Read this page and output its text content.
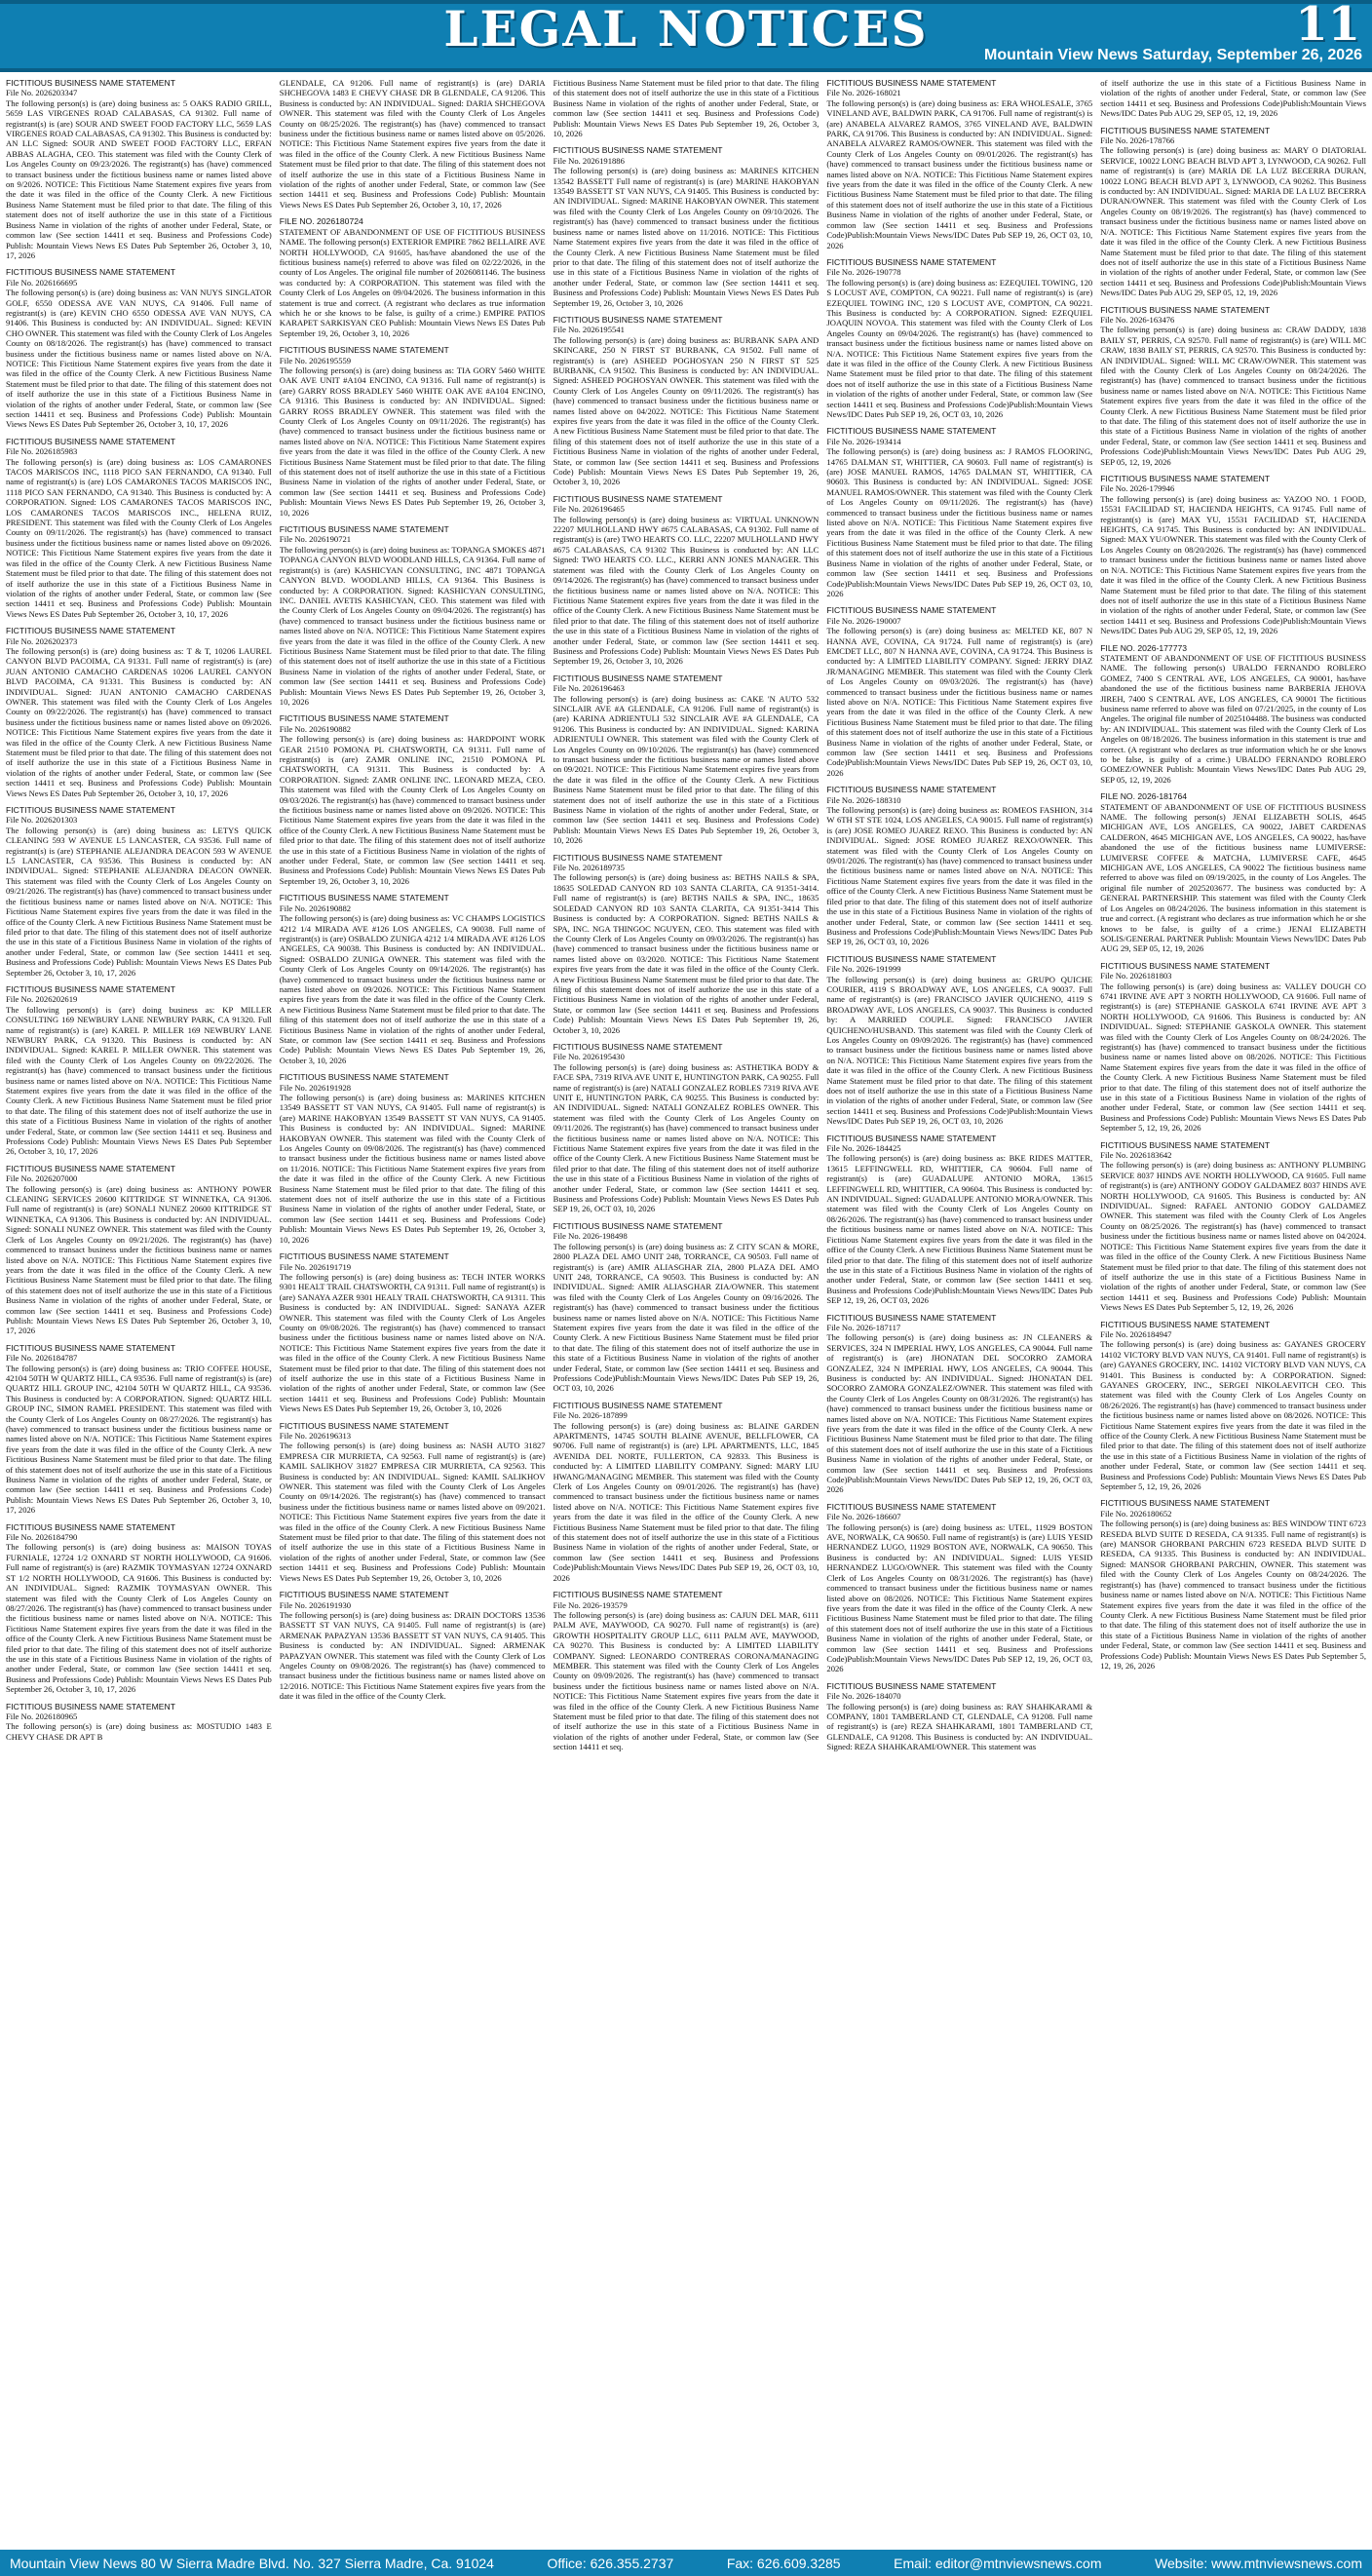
LEGAL NOTICES	11
Mountain View News Saturday, September 26, 2026

FICTITIOUS BUSINESS NAME STATEMENT

File No. 2026203347

The following person(s) is (are) doing business as: 5 OAKS RADIO GRILL, 5659 LAS VIRGENES ROAD CALABASAS, CA 91302. Full name of registrant(s) is (are) SOUR AND SWEET FOOD FACTORY LLC, 5659 LAS VIRGENES ROAD CALABASAS, CA 91302. This Business is conducted by: AN LLC Signed: SOUR AND SWEET FOOD FACTORY LLC, ERFAN ABBAS ALAGHA, CEO. This statement was filed with the County Clerk of Los Angeles County on 09/23/2026. The registrant(s) has (have) commenced to transact business under the fictitious business name or names listed above on 9/2026. NOTICE: This Fictitious Name Statement expires five years from the date it was filed in the office of the County Clerk. A new Fictitious Business Name Statement must be filed prior to that date. The filing of this statement does not of itself authorize the use in this state of a Fictitious Business Name in violation of the rights of another under Federal, State, or common law (See section 14411 et seq. Business and Professions Code) Publish: Mountain Views News ES Dates Pub September 26, October 3, 10, 17, 2026

FICTITIOUS BUSINESS NAME STATEMENT

File No. 2026166695

The following person(s) is (are) doing business as: VAN NUYS SINGLATOR GOLF, 6550 ODESSA AVE VAN NUYS, CA 91406. Full name of registrant(s) is (are) KEVIN CHO 6550 ODESSA AVE VAN NUYS, CA 91406. This Business is conducted by: AN INDIVIDUAL. Signed: KEVIN CHO OWNER. This statement was filed with the County Clerk of Los Angeles County on 08/18/2026. The registrant(s) has (have) commenced to transact business under the fictitious business name or names listed above on N/A. NOTICE: This Fictitious Name Statement expires five years from the date it was filed in the office of the County Clerk. A new Fictitious Business Name Statement must be filed prior to that date. The filing of this statement does not of itself authorize the use in this state of a Fictitious Business Name in violation of the rights of another under Federal, State, or common law (See section 14411 et seq. Business and Professions Code) Publish: Mountain Views News ES Dates Pub September 26, October 3, 10, 17, 2026

FICTITIOUS BUSINESS NAME STATEMENT

File No. 2026185983

The following person(s) is (are) doing business as: LOS CAMARONES TACOS MARISCOS INC, 1118 PICO SAN FERNANDO, CA 91340. Full name of registrant(s) is (are) LOS CAMARONES TACOS MARISCOS INC, 1118 PICO SAN FERNANDO, CA 91340. This Business is conducted by: A CORPORATION. Signed: LOS CAMARONES TACOS MARISCOS INC, LOS CAMARONES TACOS MARISCOS INC., HELENA RUIZ, PRESIDENT. This statement was filed with the County Clerk of Los Angeles County on 09/11/2026. The registrant(s) has (have) commenced to transact business under the fictitious business name or names listed above on 09/2026. NOTICE: This Fictitious Name Statement expires five years from the date it was filed in the office of the County Clerk. A new Fictitious Business Name Statement must be filed prior to that date. The filing of this statement does not of itself authorize the use in this state of a Fictitious Business Name in violation of the rights of another under Federal, State, or common law (See section 14411 et seq. Business and Professions Code) Publish: Mountain Views News ES Dates Pub September 26, October 3, 10, 17, 2026

FICTITIOUS BUSINESS NAME STATEMENT

File No. 2026202373

The following person(s) is (are) doing business as: T & T, 10206 LAUREL CANYON BLVD PACOIMA, CA 91331. Full name of registrant(s) is (are) JUAN ANTONIO CAMACHO CARDENAS 10206 LAUREL CANYON BLVD PACOIMA, CA 91331. This Business is conducted by: AN INDIVIDUAL. Signed: JUAN ANTONIO CAMACHO CARDENAS OWNER. This statement was filed with the County Clerk of Los Angeles County on 09/22/2026. The registrant(s) has (have) commenced to transact business under the fictitious business name or names listed above on 09/2026. NOTICE: This Fictitious Name Statement expires five years from the date it was filed in the office of the County Clerk. A new Fictitious Business Name Statement must be filed prior to that date. The filing of this statement does not of itself authorize the use in this state of a Fictitious Business Name in violation of the rights of another under Federal, State, or common law (See section 14411 et seq. Business and Professions Code) Publish: Mountain Views News ES Dates Pub September 26, October 3, 10, 17, 2026

FICTITIOUS BUSINESS NAME STATEMENT

File No. 2026201303

The following person(s) is (are) doing business as: LETYS QUICK CLEANING 593 W AVENUE L5 LANCASTER, CA 93536. Full name of registrant(s) is (are) STEPHANIE ALEJANDRA DEACON 593 W AVENUE L5 LANCASTER, CA 93536. This Business is conducted by: AN INDIVIDUAL. Signed: STEPHANIE ALEJANDRA DEACON OWNER. This statement was filed with the County Clerk of Los Angeles County on 09/21/2026. The registrant(s) has (have) commenced to transact business under the fictitious business name or names listed above on N/A. NOTICE: This Fictitious Name Statement expires five years from the date it was filed in the office of the County Clerk. A new Fictitious Business Name Statement must be filed prior to that date. The filing of this statement does not of itself authorize the use in this state of a Fictitious Business Name in violation of the rights of another under Federal, State, or common law (See section 14411 et seq. Business and Professions Code) Publish: Mountain Views News ES Dates Pub September 26, October 3, 10, 17, 2026

FICTITIOUS BUSINESS NAME STATEMENT

File No. 2026202619

The following person(s) is (are) doing business as: KP MILLER CONSULTING 169 NEWBURY LANE NEWBURY PARK, CA 91320. Full name of registrant(s) is (are) KAREL P. MILLER 169 NEWBURY LANE NEWBURY PARK, CA 91320. This Business is conducted by: AN INDIVIDUAL. Signed: KAREL P. MILLER OWNER. This statement was filed with the County Clerk of Los Angeles County on 09/22/2026. The registrant(s) has (have) commenced to transact business under the fictitious business name or names listed above on N/A. NOTICE: This Fictitious Name Statement expires five years from the date it was filed in the office of the County Clerk. A new Fictitious Business Name Statement must be filed prior to that date. The filing of this statement does not of itself authorize the use in this state of a Fictitious Business Name in violation of the rights of another under Federal, State, or common law (See section 14411 et seq. Business and Professions Code) Publish: Mountain Views News ES Dates Pub September 26, October 3, 10, 17, 2026

FICTITIOUS BUSINESS NAME STATEMENT

File No. 2026207000

The following person(s) is (are) doing business as: ANTHONY POWER CLEANING SERVICES 20600 KITTRIDGE ST WINNETKA, CA 91306. Full name of registrant(s) is (are) SONALI NUNEZ 20600 KITTRIDGE ST WINNETKA, CA 91306. This Business is conducted by: AN INDIVIDUAL. Signed: SONALI NUNEZ OWNER. This statement was filed with the County Clerk of Los Angeles County on 09/21/2026. The registrant(s) has (have) commenced to transact business under the fictitious business name or names listed above on N/A. NOTICE: This Fictitious Name Statement expires five years from the date it was filed in the office of the County Clerk. A new Fictitious Business Name Statement must be filed prior to that date. The filing of this statement does not of itself authorize the use in this state of a Fictitious Business Name in violation of the rights of another under Federal, State, or common law (See section 14411 et seq. Business and Professions Code) Publish: Mountain Views News ES Dates Pub September 26, October 3, 10, 17, 2026

FICTITIOUS BUSINESS NAME STATEMENT

File No. 2026184787

The following person(s) is (are) doing business as: TRIO COFFEE HOUSE, 42104 50TH W QUARTZ HILL, CA 93536. Full name of registrant(s) is (are) QUARTZ HILL GROUP INC, 42104 50TH W QUARTZ HILL, CA 93536. This Business is conducted by: A CORPORATION. Signed: QUARTZ HILL GROUP INC, SIMON RAMEL PRESIDENT. This statement was filed with the County Clerk of Los Angeles County on 08/27/2026. The registrant(s) has (have) commenced to transact business under the fictitious business name or names listed above on N/A. NOTICE: This Fictitious Name Statement expires five years from the date it was filed in the office of the County Clerk. A new Fictitious Business Name Statement must be filed prior to that date. The filing of this statement does not of itself authorize the use in this state of a Fictitious Business Name in violation of the rights of another under Federal, State, or common law (See section 14411 et seq. Business and Professions Code) Publish: Mountain Views News ES Dates Pub September 26, October 3, 10, 17, 2026

FICTITIOUS BUSINESS NAME STATEMENT

File No. 2026184790

The following person(s) is (are) doing business as: MAISON TOYAS FURNIALE, 12724 1/2 OXNARD ST NORTH HOLLYWOOD, CA 91606. Full name of registrant(s) is (are) RAZMIK TOYMASYAN 12724 OXNARD ST 1/2 NORTH HOLLYWOOD, CA 91606. This Business is conducted by: AN INDIVIDUAL. Signed: RAZMIK TOYMASYAN OWNER. This statement was filed with the County Clerk of Los Angeles County on 08/27/2026. The registrant(s) has (have) commenced to transact business under the fictitious business name or names listed above on N/A. NOTICE: This Fictitious Name Statement expires five years from the date it was filed in the office of the County Clerk. A new Fictitious Business Name Statement must be filed prior to that date. The filing of this statement does not of itself authorize the use in this state of a Fictitious Business Name in violation of the rights of another under Federal, State, or common law (See section 14411 et seq. Business and Professions Code) Publish: Mountain Views News ES Dates Pub September 26, October 3, 10, 17, 2026

FICTITIOUS BUSINESS NAME STATEMENT

File No. 2026180965

The following person(s) is (are) doing business as: MOSTUDIO 1483 E CHEVY CHASE DR APT B

GLENDALE, CA 91206. Full name of registrant(s) is (are) DARIA SHCHEGOVA 1483 E CHEVY CHASE DR B GLENDALE, CA 91206. This Business is conducted by: AN INDIVIDUAL. Signed: DARIA SHCHEGOVA OWNER. This statement was filed with the County Clerk of Los Angeles County on 08/25/2026. The registrant(s) has (have) commenced to transact business under the fictitious business name or names listed above on 05/2026. NOTICE: This Fictitious Name Statement expires five years from the date it was filed in the office of the County Clerk. A new Fictitious Business Name Statement must be filed prior to that date. The filing of this statement does not of itself authorize the use in this state of a Fictitious Business Name in violation of the rights of another under Federal, State, or common law (See section 14411 et seq. Business and Professions Code) Publish: Mountain Views News ES Dates Pub September 26, October 3, 10, 17, 2026

FILE NO. 2026180724

STATEMENT OF ABANDONMENT OF USE OF FICTITIOUS BUSINESS NAME. The following person(s) EXTERIOR EMPIRE 7862 BELLAIRE AVE NORTH HOLLYWOOD, CA 91605, has/have abandoned the use of the fictitious business name(s) referred to above was filed on 02/22/2026, in the county of Los Angeles. The original file number of 2026081146. The business was conducted by: A CORPORATION. This statement was filed with the County Clerk of Los Angeles on 09/04/2026. The business information in this statement is true and correct. (A registrant who declares as true information which he or she knows to be false, is guilty of a crime.) EMPIRE PATIOS KARAPET SARKISYAN CEO Publish: Mountain Views News ES Dates Pub September 19, 26, October 3, 10, 2026

FICTITIOUS BUSINESS NAME STATEMENT

File No. 2026195559

The following person(s) is (are) doing business as: TIA GORY 5460 WHITE OAK AVE UNIT #A104 ENCINO, CA 91316. Full name of registrant(s) is (are) GARRY ROSS BRADLEY 5460 WHITE OAK AVE #A104 ENCINO, CA 91316. This Business is conducted by: AN INDIVIDUAL. Signed: GARRY ROSS BRADLEY OWNER. This statement was filed with the County Clerk of Los Angeles County on 09/11/2026. The registrant(s) has (have) commenced to transact business under the fictitious business name or names listed above on N/A. NOTICE: This Fictitious Name Statement expires five years from the date it was filed in the office of the County Clerk. A new Fictitious Business Name Statement must be filed prior to that date. The filing of this statement does not of itself authorize the use in this state of a Fictitious Business Name in violation of the rights of another under Federal, State, or common law (See section 14411 et seq. Business and Professions Code) Publish: Mountain Views News ES Dates Pub September 19, 26, October 3, 10, 2026

FICTITIOUS BUSINESS NAME STATEMENT

File No. 2026190721

The following person(s) is (are) doing business as: TOPANGA SMOKES 4871 TOPANGA CANYON BLVD WOODLAND HILLS, CA 91364. Full name of registrant(s) is (are) KASHICYAN CONSULTING, INC 4871 TOPANGA CANYON BLVD. WOODLAND HILLS, CA 91364. This Business is conducted by: A CORPORATION. Signed: KASHICYAN CONSULTING, INC. DANIEL AVETIS KASHICYAN, CEO. This statement was filed with the County Clerk of Los Angeles County on 09/04/2026. The registrant(s) has (have) commenced to transact business under the fictitious business name or names listed above on N/A. NOTICE: This Fictitious Name Statement expires five years from the date it was filed in the office of the County Clerk. A new Fictitious Business Name Statement must be filed prior to that date. The filing of this statement does not of itself authorize the use in this state of a Fictitious Business Name in violation of the rights of another under Federal, State, or common law (See section 14411 et seq. Business and Professions Code) Publish: Mountain Views News ES Dates Pub September 19, 26, October 3, 10, 2026

FICTITIOUS BUSINESS NAME STATEMENT

File No. 2026190882

The following person(s) is (are) doing business as: HARDPOINT WORK GEAR 21510 POMONA PL CHATSWORTH, CA 91311. Full name of registrant(s) is (are) ZAMR ONLINE INC, 21510 POMONA PL CHATSWORTH, CA 91311. This Business is conducted by: A CORPORATION. Signed: ZAMR ONLINE INC. LEONARD MEZA, CEO. This statement was filed with the County Clerk of Los Angeles County on 09/03/2026. The registrant(s) has (have) commenced to transact business under the fictitious business name or names listed above on 09/2026. NOTICE: This Fictitious Name Statement expires five years from the date it was filed in the office of the County Clerk. A new Fictitious Business Name Statement must be filed prior to that date. The filing of this statement does not of itself authorize the use in this state of a Fictitious Business Name in violation of the rights of another under Federal, State, or common law (See section 14411 et seq. Business and Professions Code) Publish: Mountain Views News ES Dates Pub September 19, 26, October 3, 10, 2026

FICTITIOUS BUSINESS NAME STATEMENT

File No. 2026190882

The following person(s) is (are) doing business as: VC CHAMPS LOGISTICS 4212 1/4 MIRADA AVE #126 LOS ANGELES, CA 90038. Full name of registrant(s) is (are) OSBALDO ZUNIGA 4212 1/4 MIRADA AVE #126 LOS ANGELES, CA 90038. This Business is conducted by: AN INDIVIDUAL. Signed: OSBALDO ZUNIGA OWNER. This statement was filed with the County Clerk of Los Angeles County on 09/14/2026. The registrant(s) has (have) commenced to transact business under the fictitious business name or names listed above on 09/2026. NOTICE: This Fictitious Name Statement expires five years from the date it was filed in the office of the County Clerk. A new Fictitious Business Name Statement must be filed prior to that date. The filing of this statement does not of itself authorize the use in this state of a Fictitious Business Name in violation of the rights of another under Federal, State, or common law (See section 14411 et seq. Business and Professions Code) Publish: Mountain Views News ES Dates Pub September 19, 26, October 3, 10, 2026

FICTITIOUS BUSINESS NAME STATEMENT

File No. 2026191928

The following person(s) is (are) doing business as: MARINES KITCHEN 13549 BASSETT ST VAN NUYS, CA 91405. Full name of registrant(s) is (are) MARINE HAKOBYAN 13549 BASSETT ST VAN NUYS, CA 91405. This Business is conducted by: AN INDIVIDUAL. Signed: MARINE HAKOBYAN OWNER. This statement was filed with the County Clerk of Los Angeles County on 09/08/2026. The registrant(s) has (have) commenced to transact business under the fictitious business name or names listed above on 11/2016. NOTICE: This Fictitious Name Statement expires five years from the date it was filed in the office of the County Clerk. A new Fictitious Business Name Statement must be filed prior to that date. The filing of this statement does not of itself authorize the use in this state of a Fictitious Business Name in violation of the rights of another under Federal, State, or common law (See section 14411 et seq. Business and Professions Code) Publish: Mountain Views News ES Dates Pub September 19, 26, October 3, 10, 2026

FICTITIOUS BUSINESS NAME STATEMENT

File No. 2026191719

The following person(s) is (are) doing business as: TECH INTER WORKS 9301 HEALT TRAIL CHATSWORTH, CA 91311. Full name of registrant(s) is (are) SANAYA AZER 9301 HEALY TRAIL CHATSWORTH, CA 91311. This Business is conducted by: AN INDIVIDUAL. Signed: SANAYA AZER OWNER. This statement was filed with the County Clerk of Los Angeles County on 09/08/2026. The registrant(s) has (have) commenced to transact business under the fictitious business name or names listed above on N/A. NOTICE: This Fictitious Name Statement expires five years from the date it was filed in the office of the County Clerk. A new Fictitious Business Name Statement must be filed prior to that date. The filing of this statement does not of itself authorize the use in this state of a Fictitious Business Name in violation of the rights of another under Federal, State, or common law (See section 14411 et seq. Business and Professions Code) Publish: Mountain Views News ES Dates Pub September 19, 26, October 3, 10, 2026

FICTITIOUS BUSINESS NAME STATEMENT

File No. 2026196313

The following person(s) is (are) doing business as: NASH AUTO 31827 EMPRESA CIR MURRIETA, CA 92563. Full name of registrant(s) is (are) KAMIL SALIKHOV 31827 EMPRESA CIR MURRIETA, CA 92563. This Business is conducted by: AN INDIVIDUAL. Signed: KAMIL SALIKHOV OWNER. This statement was filed with the County Clerk of Los Angeles County on 09/14/2026. The registrant(s) has (have) commenced to transact business under the fictitious business name or names listed above on 09/2021. NOTICE: This Fictitious Name Statement expires five years from the date it was filed in the office of the County Clerk. A new Fictitious Business Name Statement must be filed prior to that date. The filing of this statement does not of itself authorize the use in this state of a Fictitious Business Name in violation of the rights of another under Federal, State, or common law (See section 14411 et seq. Business and Professions Code) Publish: Mountain Views News ES Dates Pub September 19, 26, October 3, 10, 2026

FICTITIOUS BUSINESS NAME STATEMENT

File No. 2026191930

The following person(s) is (are) doing business as: DRAIN DOCTORS 13536 BASSETT ST VAN NUYS, CA 91405. Full name of registrant(s) is (are) ARMENAK PAPAZYAN 13536 BASSETT ST VAN NUYS, CA 91405. This Business is conducted by: AN INDIVIDUAL. Signed: ARMENAK PAPAZYAN OWNER. This statement was filed with the County Clerk of Los Angeles County on 09/08/2026. The registrant(s) has (have) commenced to transact business under the fictitious business name or names listed above on 12/2016. NOTICE: This Fictitious Name Statement expires five years from the date it was filed in the office of the County Clerk.

Fictitious Business Name Statement must be filed prior to that date. The filing of this statement does not of itself authorize the use in this state of a Fictitious Business Name in violation of the rights of another under Federal, State, or common law (See section 14411 et seq. Business and Professions Code) Publish: Mountain Views News ES Dates Pub September 19, 26, October 3, 10, 2026

FICTITIOUS BUSINESS NAME STATEMENT

File No. 2026191886

The following person(s) is (are) doing business as: MARINES KITCHEN 13542 BASSETT Full name of registrant(s) is (are) MARINE HAKOBYAN 13549 BASSETT ST VAN NUYS, CA 91405. This Business is conducted by: AN INDIVIDUAL. Signed: MARINE HAKOBYAN OWNER. This statement was filed with the County Clerk of Los Angeles County on 09/10/2026. The registrant(s) has (have) commenced to transact business under the fictitious business name or names listed above on 11/2016. NOTICE: This Fictitious Name Statement expires five years from the date it was filed in the office of the County Clerk. A new Fictitious Business Name Statement must be filed prior to that date. The filing of this statement does not of itself authorize the use in this state of a Fictitious Business Name in violation of the rights of another under Federal, State, or common law (See section 14411 et seq. Business and Professions Code) Publish: Mountain Views News ES Dates Pub September 19, 26, October 3, 10, 2026

FICTITIOUS BUSINESS NAME STATEMENT

File No. 2026195541

The following person(s) is (are) doing business as: BURBANK SAPA AND SKINCARE, 250 N FIRST ST BURBANK, CA 91502. Full name of registrant(s) is (are) ASHEED POGHOSYAN 250 N FIRST ST 525 BURBANK, CA 91502. This Business is conducted by: AN INDIVIDUAL. Signed: ASHEED POGHOSYAN OWNER. This statement was filed with the County Clerk of Los Angeles County on 09/11/2026. The registrant(s) has (have) commenced to transact business under the fictitious business name or names listed above on 04/2022. NOTICE: This Fictitious Name Statement expires five years from the date it was filed in the office of the County Clerk. A new Fictitious Business Name Statement must be filed prior to that date. The filing of this statement does not of itself authorize the use in this state of a Fictitious Business Name in violation of the rights of another under Federal, State, or common law (See section 14411 et seq. Business and Professions Code) Publish: Mountain Views News ES Dates Pub September 19, 26, October 3, 10, 2026

FICTITIOUS BUSINESS NAME STATEMENT

File No. 2026196465

The following person(s) is (are) doing business as: VIRTUAL UNKNOWN 22207 MULHOLLAND HWY #675 CALABASAS, CA 91302. Full name of registrant(s) is (are) TWO HEARTS CO. LLC, 22207 MULHOLLAND HWY #675 CALABASAS, CA 91302 This Business is conducted by: AN LLC Signed: TWO HEARTS CO. LLC., KERRI ANN JONES MANAGER. This statement was filed with the County Clerk of Los Angeles County on 09/14/2026. The registrant(s) has (have) commenced to transact business under the fictitious business name or names listed above on N/A. NOTICE: This Fictitious Name Statement expires five years from the date it was filed in the office of the County Clerk. A new Fictitious Business Name Statement must be filed prior to that date. The filing of this statement does not of itself authorize the use in this state of a Fictitious Business Name in violation of the rights of another under Federal, State, or common law (See section 14411 et seq. Business and Professions Code) Publish: Mountain Views News ES Dates Pub September 19, 26, October 3, 10, 2026

FICTITIOUS BUSINESS NAME STATEMENT

File No. 2026196463

The following person(s) is (are) doing business as: CAKE 'N AUTO 532 SINCLAIR AVE #A GLENDALE, CA 91206. Full name of registrant(s) is (are) KARINA ADRIENTULI 532 SINCLAIR AVE #A GLENDALE, CA 91206. This Business is conducted by: AN INDIVIDUAL. Signed: KARINA ADRIENTULI OWNER. This statement was filed with the County Clerk of Los Angeles County on 09/10/2026. The registrant(s) has (have) commenced to transact business under the fictitious business name or names listed above on 09/2021. NOTICE: This Fictitious Name Statement expires five years from the date it was filed in the office of the County Clerk. A new Fictitious Business Name Statement must be filed prior to that date. The filing of this statement does not of itself authorize the use in this state of a Fictitious Business Name in violation of the rights of another under Federal, State, or common law (See section 14411 et seq. Business and Professions Code) Publish: Mountain Views News ES Dates Pub September 19, 26, October 3, 10, 2026

FICTITIOUS BUSINESS NAME STATEMENT

File No. 2026189735

The following person(s) is (are) doing business as: BETHS NAILS & SPA, 18635 SOLEDAD CANYON RD 103 SANTA CLARITA, CA 91351-3414. Full name of registrant(s) is (are) BETHS NAILS & SPA, INC., 18635 SOLEDAD CANYON RD 103 SANTA CLARITA, CA 91351-3414 This Business is conducted by: A CORPORATION. Signed: BETHS NAILS & SPA, INC. NGA THINGOC NGUYEN, CEO. This statement was filed with the County Clerk of Los Angeles County on 09/03/2026. The registrant(s) has (have) commenced to transact business under the fictitious business name or names listed above on 03/2020. NOTICE: This Fictitious Name Statement expires five years from the date it was filed in the office of the County Clerk. A new Fictitious Business Name Statement must be filed prior to that date. The filing of this statement does not of itself authorize the use in this state of a Fictitious Business Name in violation of the rights of another under Federal, State, or common law (See section 14411 et seq. Business and Professions Code) Publish: Mountain Views News ES Dates Pub September 19, 26, October 3, 10, 2026

FICTITIOUS BUSINESS NAME STATEMENT

File No. 2026195430

The following person(s) is (are) doing business as: ASTHETIKA BODY & FACE SPA, 7319 RIVA AVE UNIT E, HUNTINGTON PARK, CA 90255. Full name of registrant(s) is (are) NATALI GONZALEZ ROBLES 7319 RIVA AVE UNIT E, HUNTINGTON PARK, CA 90255. This Business is conducted by: AN INDIVIDUAL. Signed: NATALI GONZALEZ ROBLES OWNER. This statement was filed with the County Clerk of Los Angeles County on 09/11/2026. The registrant(s) has (have) commenced to transact business under the fictitious business name or names listed above on N/A. NOTICE: This Fictitious Name Statement expires five years from the date it was filed in the office of the County Clerk. A new Fictitious Business Name Statement must be filed prior to that date. The filing of this statement does not of itself authorize the use in this state of a Fictitious Business Name in violation of the rights of another under Federal, State, or common law (See section 14411 et seq. Business and Professions Code) Publish: Mountain Views News ES Dates Pub SEP 19, 26, OCT 03, 10, 2026

FICTITIOUS BUSINESS NAME STATEMENT

File No. 2026-198498

The following person(s) is (are) doing business as: Z CITY SCAN & MORE, 2800 PLAZA DEL AMO UNIT 248, TORRANCE, CA 90503. Full name of registrant(s) is (are) AMIR ALIASGHAR ZIA, 2800 PLAZA DEL AMO UNIT 248, TORRANCE, CA 90503. This Business is conducted by: AN INDIVIDUAL. Signed: AMIR ALIASGHAR ZIA/OWNER. This statement was filed with the County Clerk of Los Angeles County on 09/16/2026. The registrant(s) has (have) commenced to transact business under the fictitious business name or names listed above on N/A. NOTICE: This Fictitious Name Statement expires five years from the date it was filed in the office of the County Clerk. A new Fictitious Business Name Statement must be filed prior to that date. The filing of this statement does not of itself authorize the use in this state of a Fictitious Business Name in violation of the rights of another under Federal, State, or common law (See section 14411 et seq. Business and Professions Code)Publish:Mountain Views News/IDC Dates Pub SEP 19, 26, OCT 03, 10, 2026

FICTITIOUS BUSINESS NAME STATEMENT

File No. 2026-187899

The following person(s) is (are) doing business as: BLAINE GARDEN APARTMENTS, 14745 SOUTH BLAINE AVENUE, BELLFLOWER, CA 90706. Full name of registrant(s) is (are) LPL APARTMENTS, LLC, 1845 AVENIDA DEL NORTE, FULLERTON, CA 92833. This Business is conducted by: A LIMITED LIABILITY COMPANY. Signed: MARY LIU HWANG/MANAGING MEMBER. This statement was filed with the County Clerk of Los Angeles County on 09/01/2026. The registrant(s) has (have) commenced to transact business under the fictitious business name or names listed above on N/A. NOTICE: This Fictitious Name Statement expires five years from the date it was filed in the office of the County Clerk. A new Fictitious Business Name Statement must be filed prior to that date. The filing of this statement does not of itself authorize the use in this state of a Fictitious Business Name in violation of the rights of another under Federal, State, or common law (See section 14411 et seq. Business and Professions Code)Publish:Mountain Views News/IDC Dates Pub SEP 19, 26, OCT 03, 10, 2026

FICTITIOUS BUSINESS NAME STATEMENT

File No. 2026-193579

The following person(s) is (are) doing business as: CAJUN DEL MAR, 6111 PALM AVE, MAYWOOD, CA 90270. Full name of registrant(s) is (are) GROWTH HOSPITALITY GROUP LLC, 6111 PALM AVE, MAYWOOD, CA 90270. This Business is conducted by: A LIMITED LIABILITY COMPANY. Signed: LEONARDO CONTRERAS CORONA/MANAGING MEMBER. This statement was filed with the County Clerk of Los Angeles County on 09/09/2026. The registrant(s) has (have) commenced to transact business under the fictitious business name or names listed above on N/A. NOTICE: This Fictitious Name Statement expires five years from the date it was filed in the office of the County Clerk. A new Fictitious Business Name Statement must be filed prior to that date. The filing of this statement does not of itself authorize the use in this state of a Fictitious Business Name in violation of the rights of another under Federal, State, or common law (See section 14411 et seq.

FICTITIOUS BUSINESS NAME STATEMENT

File No. 2026-168021

The following person(s) is (are) doing business as: ERA WHOLESALE, 3765 VINELAND AVE, BALDWIN PARK, CA 91706. Full name of registrant(s) is (are) ANABELA ALVAREZ RAMOS, 3765 VINELAND AVE, BALDWIN PARK, CA 91706. This Business is conducted by: AN INDIVIDUAL. Signed: ANABELA ALVAREZ RAMOS/OWNER. This statement was filed with the County Clerk of Los Angeles County on 09/01/2026. The registrant(s) has (have) commenced to transact business under the fictitious business name or names listed above on N/A. NOTICE: This Fictitious Name Statement expires five years from the date it was filed in the office of the County Clerk. A new Fictitious Business Name Statement must be filed prior to that date. The filing of this statement does not of itself authorize the use in this state of a Fictitious Business Name in violation of the rights of another under Federal, State, or common law (See section 14411 et seq. Business and Professions Code)Publish:Mountain Views News/IDC Dates Pub SEP 19, 26, OCT 03, 10, 2026

FICTITIOUS BUSINESS NAME STATEMENT

File No. 2026-190778

The following person(s) is (are) doing business as: EZEQUIEL TOWING, 120 S LOCUST AVE, COMPTON, CA 90221. Full name of registrant(s) is (are) EZEQUIEL TOWING INC, 120 S LOCUST AVE, COMPTON, CA 90221. This Business is conducted by: A CORPORATION. Signed: EZEQUIEL JOAQUIN NOVOA. This statement was filed with the County Clerk of Los Angeles County on 09/04/2026. The registrant(s) has (have) commenced to transact business under the fictitious business name or names listed above on N/A. NOTICE: This Fictitious Name Statement expires five years from the date it was filed in the office of the County Clerk. A new Fictitious Business Name Statement must be filed prior to that date. The filing of this statement does not of itself authorize the use in this state of a Fictitious Business Name in violation of the rights of another under Federal, State, or common law (See section 14411 et seq. Business and Professions Code)Publish:Mountain Views News/IDC Dates Pub SEP 19, 26, OCT 03, 10, 2026

FICTITIOUS BUSINESS NAME STATEMENT

File No. 2026-193414

The following person(s) is (are) doing business as: J RAMOS FLOORING, 14765 DALMAN ST, WHITTIER, CA 90603. Full name of registrant(s) is (are) JOSE MANUEL RAMOS, 14765 DALMAN ST, WHITTIER, CA 90603. This Business is conducted by: AN INDIVIDUAL. Signed: JOSE MANUEL RAMOS/OWNER. This statement was filed with the County Clerk of Los Angeles County on 09/11/2026. The registrant(s) has (have) commenced to transact business under the fictitious business name or names listed above on N/A. NOTICE: This Fictitious Name Statement expires five years from the date it was filed in the office of the County Clerk. A new Fictitious Business Name Statement must be filed prior to that date. The filing of this statement does not of itself authorize the use in this state of a Fictitious Business Name in violation of the rights of another under Federal, State, or common law (See section 14411 et seq. Business and Professions Code)Publish:Mountain Views News/IDC Dates Pub SEP 19, 26, OCT 03, 10, 2026

FICTITIOUS BUSINESS NAME STATEMENT

File No. 2026-190007

The following person(s) is (are) doing business as: MELTED KE, 807 N HANNA AVE, COVINA, CA 91724. Full name of registrant(s) is (are) EMCDET LLC, 807 N HANNA AVE, COVINA, CA 91724. This Business is conducted by: A LIMITED LIABILITY COMPANY. Signed: JERRY DIAZ JR/MANAGING MEMBER. This statement was filed with the County Clerk of Los Angeles County on 09/03/2026. The registrant(s) has (have) commenced to transact business under the fictitious business name or names listed above on N/A. NOTICE: This Fictitious Name Statement expires five years from the date it was filed in the office of the County Clerk. A new Fictitious Business Name Statement must be filed prior to that date. The filing of this statement does not of itself authorize the use in this state of a Fictitious Business Name in violation of the rights of another under Federal, State, or common law (See section 14411 et seq. Business and Professions Code)Publish:Mountain Views News/IDC Dates Pub SEP 19, 26, OCT 03, 10, 2026

FICTITIOUS BUSINESS NAME STATEMENT

File No. 2026-188310

The following person(s) is (are) doing business as: ROMEOS FASHION, 314 W 6TH ST STE 1024, LOS ANGELES, CA 90015. Full name of registrant(s) is (are) JOSE ROMEO JUAREZ REXO. This Business is conducted by: AN INDIVIDUAL. Signed: JOSE ROMEO JUAREZ REXO/OWNER. This statement was filed with the County Clerk of Los Angeles County on 09/01/2026. The registrant(s) has (have) commenced to transact business under the fictitious business name or names listed above on N/A. NOTICE: This Fictitious Name Statement expires five years from the date it was filed in the office of the County Clerk. A new Fictitious Business Name Statement must be filed prior to that date. The filing of this statement does not of itself authorize the use in this state of a Fictitious Business Name in violation of the rights of another under Federal, State, or common law (See section 14411 et seq. Business and Professions Code)Publish:Mountain Views News/IDC Dates Pub SEP 19, 26, OCT 03, 10, 2026

FICTITIOUS BUSINESS NAME STATEMENT

File No. 2026-191999

The following person(s) is (are) doing business as: GRUPO QUICHE COURIER, 4119 S BROADWAY AVE, LOS ANGELES, CA 90037. Full name of registrant(s) is (are) FRANCISCO JAVIER QUICHENO, 4119 S BROADWAY AVE, LOS ANGELES, CA 90037. This Business is conducted by: A MARRIED COUPLE. Signed: FRANCISCO JAVIER QUICHENO/HUSBAND. This statement was filed with the County Clerk of Los Angeles County on 09/09/2026. The registrant(s) has (have) commenced to transact business under the fictitious business name or names listed above on N/A. NOTICE: This Fictitious Name Statement expires five years from the date it was filed in the office of the County Clerk. A new Fictitious Business Name Statement must be filed prior to that date. The filing of this statement does not of itself authorize the use in this state of a Fictitious Business Name in violation of the rights of another under Federal, State, or common law (See section 14411 et seq. Business and Professions Code)Publish:Mountain Views News/IDC Dates Pub SEP 19, 26, OCT 03, 10, 2026

FICTITIOUS BUSINESS NAME STATEMENT

File No. 2026-184425

The following person(s) is (are) doing business as: BKE RIDES MATTER, 13615 LEFFINGWELL RD, WHITTIER, CA 90604. Full name of registrant(s) is (are) GUADALUPE ANTONIO MORA, 13615 LEFFINGWELL RD, WHITTIER, CA 90604. This Business is conducted by: AN INDIVIDUAL. Signed: GUADALUPE ANTONIO MORA/OWNER. This statement was filed with the County Clerk of Los Angeles County on 08/26/2026. The registrant(s) has (have) commenced to transact business under the fictitious business name or names listed above on N/A. NOTICE: This Fictitious Name Statement expires five years from the date it was filed in the office of the County Clerk. A new Fictitious Business Name Statement must be filed prior to that date. The filing of this statement does not of itself authorize the use in this state of a Fictitious Business Name in violation of the rights of another under Federal, State, or common law (See section 14411 et seq. Business and Professions Code)Publish:Mountain Views News/IDC Dates Pub SEP 12, 19, 26, OCT 03, 2026

FICTITIOUS BUSINESS NAME STATEMENT

File No. 2026-187117

The following person(s) is (are) doing business as: JN CLEANERS & SERVICES, 324 N IMPERIAL HWY, LOS ANGELES, CA 90044. Full name of registrant(s) is (are) JHONATAN DEL SOCORRO ZAMORA GONZALEZ, 324 N IMPERIAL HWY, LOS ANGELES, CA 90044. This Business is conducted by: AN INDIVIDUAL. Signed: JHONATAN DEL SOCORRO ZAMORA GONZALEZ/OWNER. This statement was filed with the County Clerk of Los Angeles County on 08/31/2026. The registrant(s) has (have) commenced to transact business under the fictitious business name or names listed above on N/A. NOTICE: This Fictitious Name Statement expires five years from the date it was filed in the office of the County Clerk. A new Fictitious Business Name Statement must be filed prior to that date. The filing of this statement does not of itself authorize the use in this state of a Fictitious Business Name in violation of the rights of another under Federal, State, or common law (See section 14411 et seq. Business and Professions Code)Publish:Mountain Views News/IDC Dates Pub SEP 12, 19, 26, OCT 03, 2026

FICTITIOUS BUSINESS NAME STATEMENT

File No. 2026-186607

The following person(s) is (are) doing business as: UTEL, 11929 BOSTON AVE, NORWALK, CA 90650. Full name of registrant(s) is (are) LUIS YESID HERNANDEZ LUGO, 11929 BOSTON AVE, NORWALK, CA 90650. This Business is conducted by: AN INDIVIDUAL. Signed: LUIS YESID HERNANDEZ LUGO/OWNER. This statement was filed with the County Clerk of Los Angeles County on 08/31/2026. The registrant(s) has (have) commenced to transact business under the fictitious business name or names listed above on 08/2026. NOTICE: This Fictitious Name Statement expires five years from the date it was filed in the office of the County Clerk. A new Fictitious Business Name Statement must be filed prior to that date. The filing of this statement does not of itself authorize the use in this state of a Fictitious Business Name in violation of the rights of another under Federal, State, or common law (See section 14411 et seq. Business and Professions Code)Publish:Mountain Views News/IDC Dates Pub SEP 12, 19, 26, OCT 03, 2026

FICTITIOUS BUSINESS NAME STATEMENT

File No. 2026-184070

The following person(s) is (are) doing business as: RAY SHAHKARAMI & COMPANY, 1801 TAMBERLAND CT, GLENDALE, CA 91208. Full name of registrant(s) is (are) REZA SHAHKARAMI, 1801 TAMBERLAND CT, GLENDALE, CA 91208. This Business is conducted by: AN INDIVIDUAL. Signed: REZA SHAHKARAMI/OWNER. This statement was

of itself authorize the use in this state of a Fictitious Business Name in violation of the rights of another under Federal, State, or common law (See section 14411 et seq. Business and Professions Code)Publish:Mountain Views News/IDC Dates Pub AUG 29, SEP 05, 12, 19, 2026

FICTITIOUS BUSINESS NAME STATEMENT

File No. 2026-178766

The following person(s) is (are) doing business as: MARY O DIATORIAL SERVICE, 10022 LONG BEACH BLVD APT 3, LYNWOOD, CA 90262. Full name of registrant(s) is (are) MARIA DE LA LUZ BECERRA DURAN, 10022 LONG BEACH BLVD APT 3, LYNWOOD, CA 90262. This Business is conducted by: AN INDIVIDUAL. Signed: MARIA DE LA LUZ BECERRA DURAN/OWNER. This statement was filed with the County Clerk of Los Angeles County on 08/19/2026. The registrant(s) has (have) commenced to transact business under the fictitious business name or names listed above on N/A. NOTICE: This Fictitious Name Statement expires five years from the date it was filed in the office of the County Clerk. A new Fictitious Business Name Statement must be filed prior to that date. The filing of this statement does not of itself authorize the use in this state of a Fictitious Business Name in violation of the rights of another under Federal, State, or common law (See section 14411 et seq. Business and Professions Code)Publish:Mountain Views News/IDC Dates Pub AUG 29, SEP 05, 12, 19, 2026

FICTITIOUS BUSINESS NAME STATEMENT

File No. 2026-163476

The following person(s) is (are) doing business as: CRAW DADDY, 1838 BAILY ST, PERRIS, CA 92570. Full name of registrant(s) is (are) WILL MC CRAW, 1838 BAILY ST, PERRIS, CA 92570. This Business is conducted by: AN INDIVIDUAL. Signed: WILL MC CRAW/OWNER. This statement was filed with the County Clerk of Los Angeles County on 08/24/2026. The registrant(s) has (have) commenced to transact business under the fictitious business name or names listed above on N/A. NOTICE: This Fictitious Name Statement expires five years from the date it was filed in the office of the County Clerk. A new Fictitious Business Name Statement must be filed prior to that date. The filing of this statement does not of itself authorize the use in this state of a Fictitious Business Name in violation of the rights of another under Federal, State, or common law (See section 14411 et seq. Business and Professions Code)Publish:Mountain Views News/IDC Dates Pub AUG 29, SEP 05, 12, 19, 2026

FICTITIOUS BUSINESS NAME STATEMENT

File No. 2026-179946

The following person(s) is (are) doing business as: YAZOO NO. 1 FOOD, 15531 FACILIDAD ST, HACIENDA HEIGHTS, CA 91745. Full name of registrant(s) is (are) MAX YU, 15531 FACILIDAD ST, HACIENDA HEIGHTS, CA 91745. This Business is conducted by: AN INDIVIDUAL. Signed: MAX YU/OWNER. This statement was filed with the County Clerk of Los Angeles County on 08/20/2026. The registrant(s) has (have) commenced to transact business under the fictitious business name or names listed above on N/A. NOTICE: This Fictitious Name Statement expires five years from the date it was filed in the office of the County Clerk. A new Fictitious Business Name Statement must be filed prior to that date. The filing of this statement does not of itself authorize the use in this state of a Fictitious Business Name in violation of the rights of another under Federal, State, or common law (See section 14411 et seq. Business and Professions Code)Publish:Mountain Views News/IDC Dates Pub AUG 29, SEP 05, 12, 19, 2026

FILE NO. 2026-177773

STATEMENT OF ABANDONMENT OF USE OF FICTITIOUS BUSINESS NAME. The following person(s) UBALDO FERNANDO ROBLERO GOMEZ, 7400 S CENTRAL AVE, LOS ANGELES, CA 90001, has/have abandoned the use of the fictitious business name BARBERIA JEHOVA JIREH, 7400 S CENTRAL AVE, LOS ANGELES, CA 90001 The fictitious business name referred to above was filed on 07/21/2025, in the county of Los Angeles. The original file number of 2025104488. The business was conducted by: AN INDIVIDUAL. This statement was filed with the County Clerk of Los Angeles on 08/18/2026. The business information in this statement is true and correct. (A registrant who declares as true information which he or she knows to be false, is guilty of a crime.) UBALDO FERNANDO ROBLERO GOMEZ/OWNER Publish: Mountain Views News/IDC Dates Pub AUG 29, SEP 05, 12, 19, 2026

FILE NO. 2026-181764

STATEMENT OF ABANDONMENT OF USE OF FICTITIOUS BUSINESS NAME. The following person(s) JENAI ELIZABETH SOLIS, 4645 MICHIGAN AVE, LOS ANGELES, CA 90022, JABET CARDENAS CALDERON, 4645 MICHIGAN AVE, LOS ANGELES, CA 90022, has/have abandoned the use of the fictitious business name LUMIVERSE: LUMIVERSE COFFEE & MATCHA, LUMIVERSE CAFE, 4645 MICHIGAN AVE, LOS ANGELES, CA 90022 The fictitious business name referred to above was filed on 09/19/2025, in the county of Los Angeles. The original file number of 2025203677. The business was conducted by: A GENERAL PARTNERSHIP. This statement was filed with the County Clerk of Los Angeles on 08/24/2026. The business information in this statement is true and correct. (A registrant who declares as true information which he or she knows to be false, is guilty of a crime.) JENAI ELIZABETH SOLIS/GENERAL PARTNER Publish: Mountain Views News/IDC Dates Pub AUG 29, SEP 05, 12, 19, 2026

FICTITIOUS BUSINESS NAME STATEMENT

File No. 2026181803

The following person(s) is (are) doing business as: VALLEY DOUGH CO 6741 IRVINE AVE APT 3 NORTH HOLLYWOOD, CA 91606. Full name of registrant(s) is (are) STEPHANIE GASKOLA 6741 IRVINE AVE APT 3 NORTH HOLLYWOOD, CA 91606. This Business is conducted by: AN INDIVIDUAL. Signed: STEPHANIE GASKOLA OWNER. This statement was filed with the County Clerk of Los Angeles County on 08/24/2026. The registrant(s) has (have) commenced to transact business under the fictitious business name or names listed above on 08/2026. NOTICE: This Fictitious Name Statement expires five years from the date it was filed in the office of the County Clerk. A new Fictitious Business Name Statement must be filed prior to that date. The filing of this statement does not of itself authorize the use in this state of a Fictitious Business Name in violation of the rights of another under Federal, State, or common law (See section 14411 et seq. Business and Professions Code) Publish: Mountain Views News ES Dates Pub September 5, 12, 19, 26, 2026

FICTITIOUS BUSINESS NAME STATEMENT

File No. 2026183642

The following person(s) is (are) doing business as: ANTHONY PLUMBING SERVICE 8037 HINDS AVE NORTH HOLLYWOOD, CA 91605. Full name of registrant(s) is (are) ANTHONY GODOY GALDAMEZ 8037 HINDS AVE NORTH HOLLYWOOD, CA 91605. This Business is conducted by: AN INDIVIDUAL. Signed: RAFAEL ANTONIO GODOY GALDAMEZ OWNER. This statement was filed with the County Clerk of Los Angeles County on 08/25/2026. The registrant(s) has (have) commenced to transact business under the fictitious business name or names listed above on 04/2024. NOTICE: This Fictitious Name Statement expires five years from the date it was filed in the office of the County Clerk. A new Fictitious Business Name Statement must be filed prior to that date. The filing of this statement does not of itself authorize the use in this state of a Fictitious Business Name in violation of the rights of another under Federal, State, or common law (See section 14411 et seq. Business and Professions Code) Publish: Mountain Views News ES Dates Pub September 5, 12, 19, 26, 2026

FICTITIOUS BUSINESS NAME STATEMENT

File No. 2026184947

The following person(s) is (are) doing business as: GAYANES GROCERY 14102 VICTORY BLVD VAN NUYS, CA 91401. Full name of registrant(s) is (are) GAYANES GROCERY, INC. 14102 VICTORY BLVD VAN NUYS, CA 91401. This Business is conducted by: A CORPORATION. Signed: GAYANES GROCERY, INC., SERGEI NIKOLAEVITCH CEO. This statement was filed with the County Clerk of Los Angeles County on 08/26/2026. The registrant(s) has (have) commenced to transact business under the fictitious business name or names listed above on 08/2026. NOTICE: This Fictitious Name Statement expires five years from the date it was filed in the office of the County Clerk. A new Fictitious Business Name Statement must be filed prior to that date. The filing of this statement does not of itself authorize the use in this state of a Fictitious Business Name in violation of the rights of another under Federal, State, or common law (See section 14411 et seq. Business and Professions Code) Publish: Mountain Views News ES Dates Pub September 5, 12, 19, 26, 2026

FICTITIOUS BUSINESS NAME STATEMENT

File No. 2026180652

The following person(s) is (are) doing business as: BES WINDOW TINT 6723 RESEDA BLVD SUITE D RESEDA, CA 91335. Full name of registrant(s) is (are) MANSOR GHORBANI PARCHIN 6723 RESEDA BLVD SUITE D RESEDA, CA 91335. This Business is conducted by: AN INDIVIDUAL. Signed: MANSOR GHORBANI PARCHIN, OWNER. This statement was filed with the County Clerk of Los Angeles County on 08/24/2026. The registrant(s) has (have) commenced to transact business under the fictitious business name or names listed above on N/A. NOTICE: This Fictitious Name Statement expires five years from the date it was filed in the office of the County Clerk. A new Fictitious Business Name Statement must be filed prior to that date. The filing of this statement does not of itself authorize the use in this state of a Fictitious Business Name in violation of the rights of another under Federal, State, or common law (See section 14411 et seq. Business and Professions Code) Publish: Mountain Views News ES Dates Pub September 5, 12, 19, 26, 2026

Mountain View News 80 W Sierra Madre Blvd. No. 327 Sierra Madre, Ca. 91024	Office: 626.355.2737	Fax: 626.609.3285	Email: editor@mtnviewsnews.com	Website: www.mtnviewsnews.com
